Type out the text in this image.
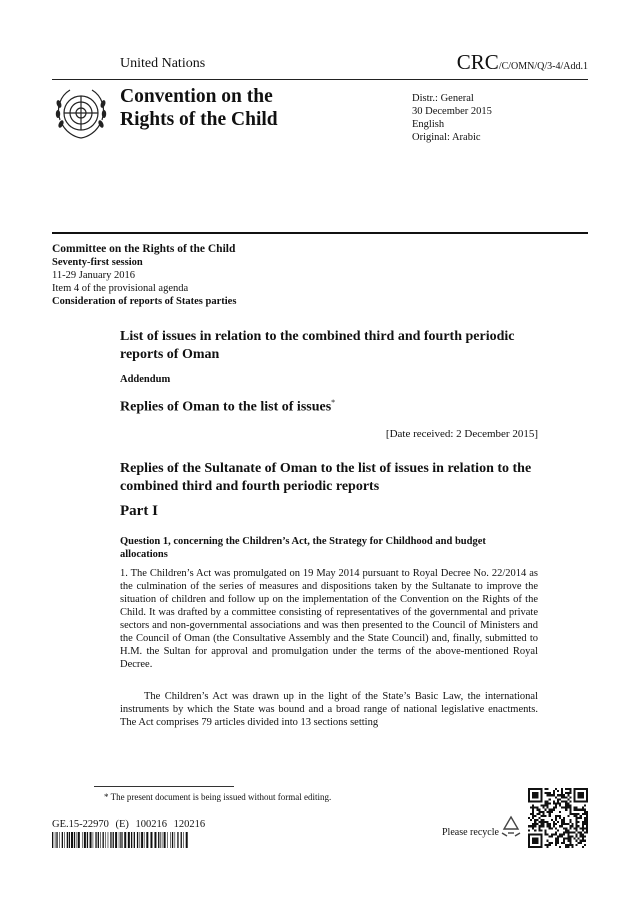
United Nations	CRC/C/OMN/Q/3-4/Add.1
Convention on the
Rights of the Child
Distr.: General
30 December 2015
English
Original: Arabic
Committee on the Rights of the Child
Seventy-first session
11-29 January 2016
Item 4 of the provisional agenda
Consideration of reports of States parties
List of issues in relation to the combined third and fourth periodic reports of Oman
Addendum
Replies of Oman to the list of issues*
[Date received: 2 December 2015]
Replies of the Sultanate of Oman to the list of issues in relation to the combined third and fourth periodic reports
Part I
Question 1, concerning the Children’s Act, the Strategy for Childhood and budget allocations

1. The Children’s Act was promulgated on 19 May 2014 pursuant to Royal Decree No. 22/2014 as the culmination of the series of measures and dispositions taken by the Sultanate to improve the situation of children and follow up on the implementation of the Convention on the Rights of the Child. It was drafted by a committee consisting of representatives of the governmental and private sectors and non-governmental associations and was then presented to the Council of Ministers and the Council of Oman (the Consultative Assembly and the State Council) and, finally, submitted to H.M. the Sultan for approval and promulgation under the terms of the above-mentioned Royal Decree.

The Children’s Act was drawn up in the light of the State’s Basic Law, the international instruments by which the State was bound and a broad range of national legislative enactments. The Act comprises 79 articles divided into 13 sections setting

* The present document is being issued without formal editing.
GE.15-22970 (E) 100216 120216
Please recycle
